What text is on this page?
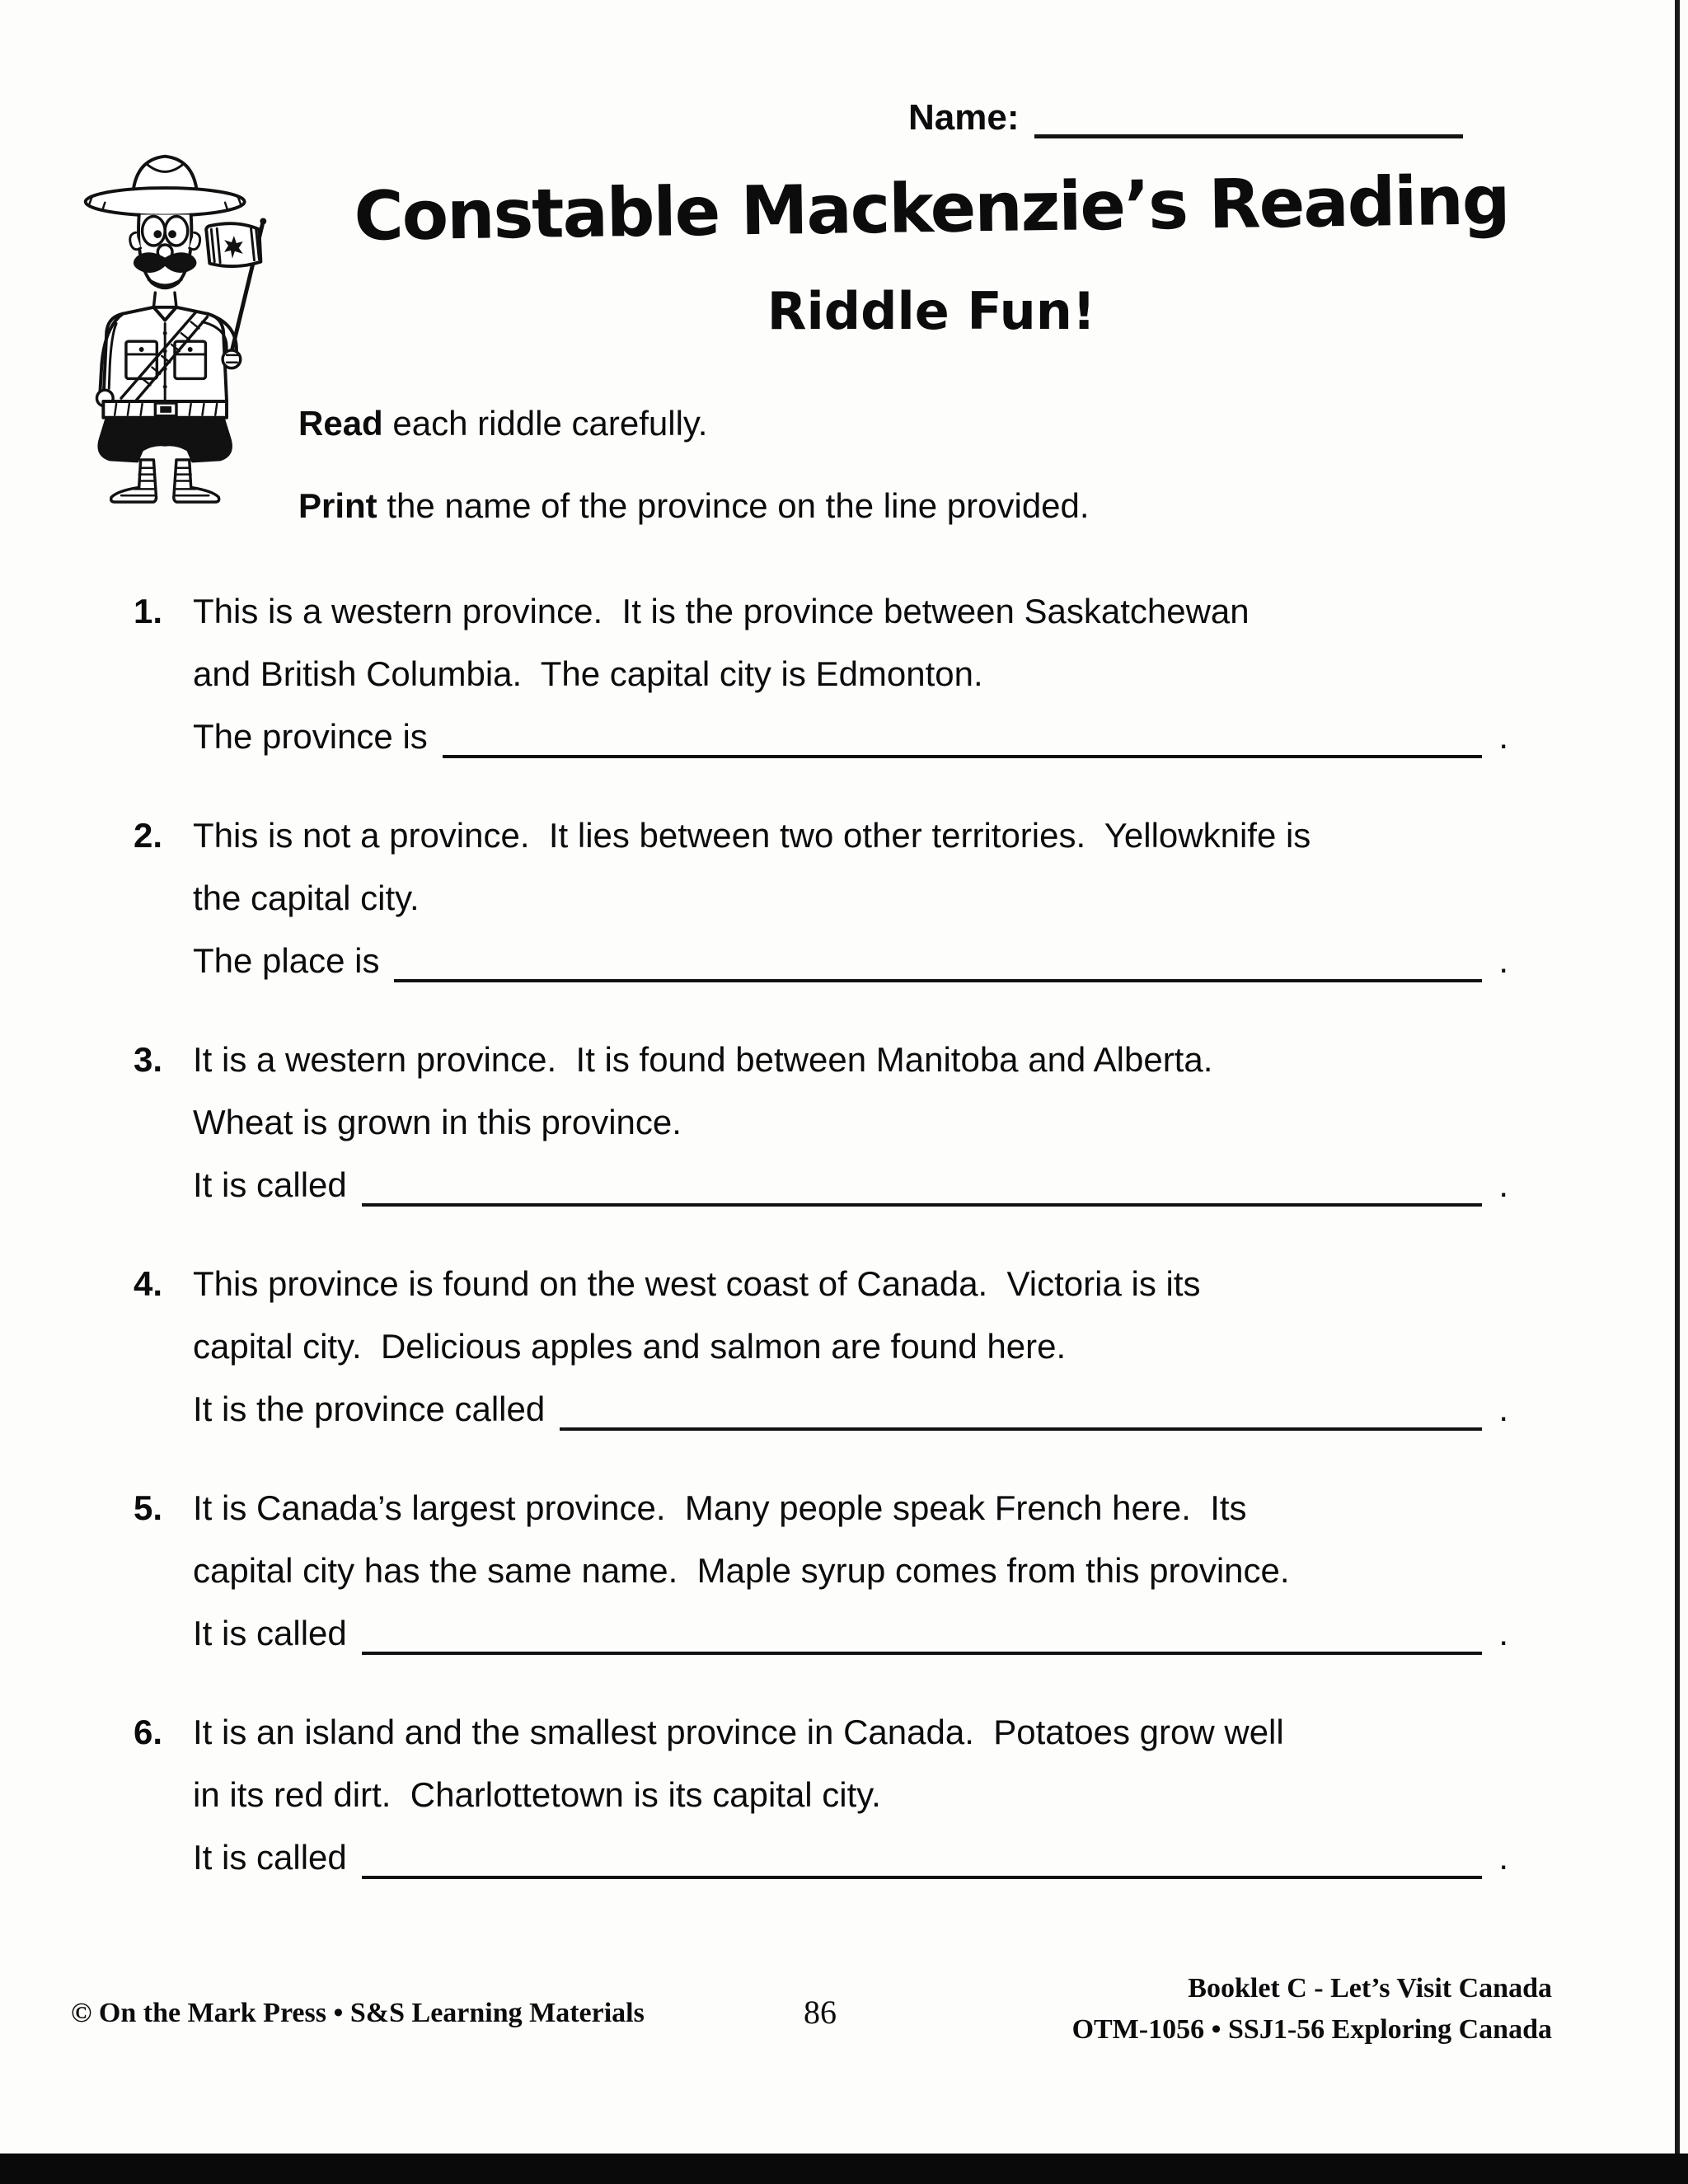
Name:
Constable Mackenzie’s Reading
Riddle Fun!

Read each riddle carefully.

Print the name of the province on the line provided.

1. This is a western province.  It is the province between Saskatchewan
and British Columbia.  The capital city is Edmonton.
The province is	.
2. This is not a province.  It lies between two other territories.  Yellowknife is
the capital city.
The place is	.
3. It is a western province.  It is found between Manitoba and Alberta.
Wheat is grown in this province.
It is called	.
4. This province is found on the west coast of Canada.  Victoria is its
capital city.  Delicious apples and salmon are found here.
It is the province called	.
5. It is Canada’s largest province.  Many people speak French here.  Its
capital city has the same name.  Maple syrup comes from this province.
It is called	.
6. It is an island and the smallest province in Canada.  Potatoes grow well
in its red dirt.  Charlottetown is its capital city.
It is called	.
© On the Mark Press • S&S Learning Materials	86
Booklet C - Let’s Visit Canada
OTM-1056 • SSJ1-56 Exploring Canada
